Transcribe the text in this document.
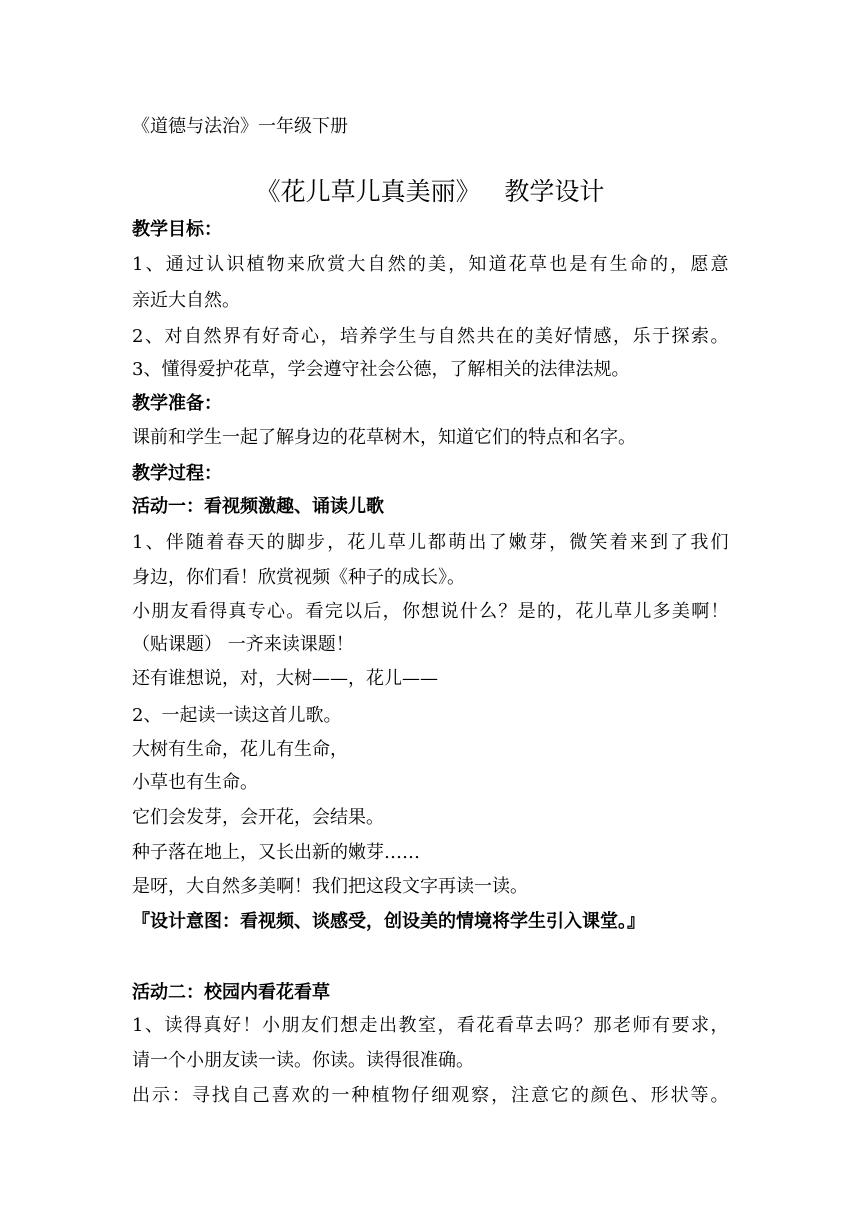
《道德与法治》一年级下册
《花儿草儿真美丽》   教学设计
教学目标：
1、通过认识植物来欣赏大自然的美，知道花草也是有生命的，愿意
亲近大自然。
2、对自然界有好奇心，培养学生与自然共在的美好情感，乐于探索。
3、懂得爱护花草，学会遵守社会公德，了解相关的法律法规。
教学准备：
课前和学生一起了解身边的花草树木，知道它们的特点和名字。
教学过程：
活动一：看视频激趣、诵读儿歌
1、伴随着春天的脚步，花儿草儿都萌出了嫩芽，微笑着来到了我们
身边，你们看！欣赏视频《种子的成长》。
小朋友看得真专心。看完以后，你想说什么？是的，花儿草儿多美啊！
（贴课题） 一齐来读课题！
还有谁想说，对，大树——，花儿——
2、一起读一读这首儿歌。
大树有生命，花儿有生命，
小草也有生命。
它们会发芽，会开花，会结果。
种子落在地上，又长出新的嫩芽……
是呀，大自然多美啊！我们把这段文字再读一读。
『设计意图：看视频、谈感受，创设美的情境将学生引入课堂。』
活动二：校园内看花看草
1、读得真好！小朋友们想走出教室，看花看草去吗？那老师有要求，
请一个小朋友读一读。你读。读得很准确。
出示：寻找自己喜欢的一种植物仔细观察，注意它的颜色、形状等。
